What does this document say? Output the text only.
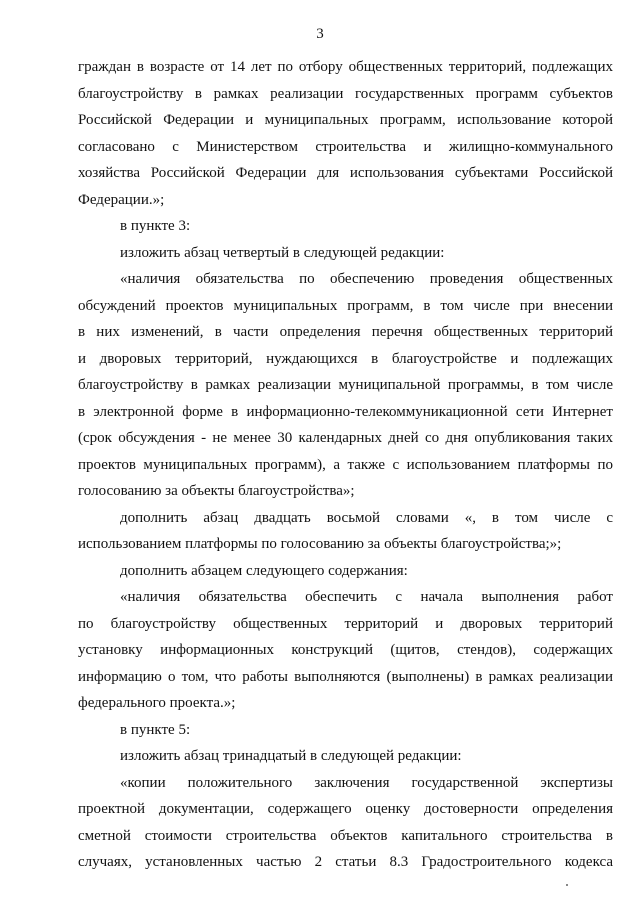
3
граждан в возрасте от 14 лет по отбору общественных территорий, подлежащих
благоустройству в рамках реализации государственных программ субъектов
Российской Федерации и муниципальных программ, использование которой
согласовано с Министерством строительства и жилищно-коммунального
хозяйства Российской Федерации для использования субъектами Российской
Федерации.»;
в пункте 3:
изложить абзац четвертый в следующей редакции:
«наличия обязательства по обеспечению проведения общественных
обсуждений проектов муниципальных программ, в том числе при внесении
в них изменений, в части определения перечня общественных территорий
и дворовых территорий, нуждающихся в благоустройстве и подлежащих
благоустройству в рамках реализации муниципальной программы, в том числе
в электронной форме в информационно-телекоммуникационной сети Интернет
(срок обсуждения - не менее 30 календарных дней со дня опубликования таких
проектов муниципальных программ), а также с использованием платформы по
голосованию за объекты благоустройства»;
дополнить абзац двадцать восьмой словами «, в том числе с
использованием платформы по голосованию за объекты благоустройства;»;
дополнить абзацем следующего содержания:
«наличия обязательства обеспечить с начала выполнения работ
по благоустройству общественных территорий и дворовых территорий
установку информационных конструкций (щитов, стендов), содержащих
информацию о том, что работы выполняются (выполнены) в рамках реализации
федерального проекта.»;
в пункте 5:
изложить абзац тринадцатый в следующей редакции:
«копии положительного заключения государственной экспертизы
проектной документации, содержащего оценку достоверности определения
сметной стоимости строительства объектов капитального строительства в
случаях, установленных частью 2 статьи 8.3 Градостроительного кодекса
